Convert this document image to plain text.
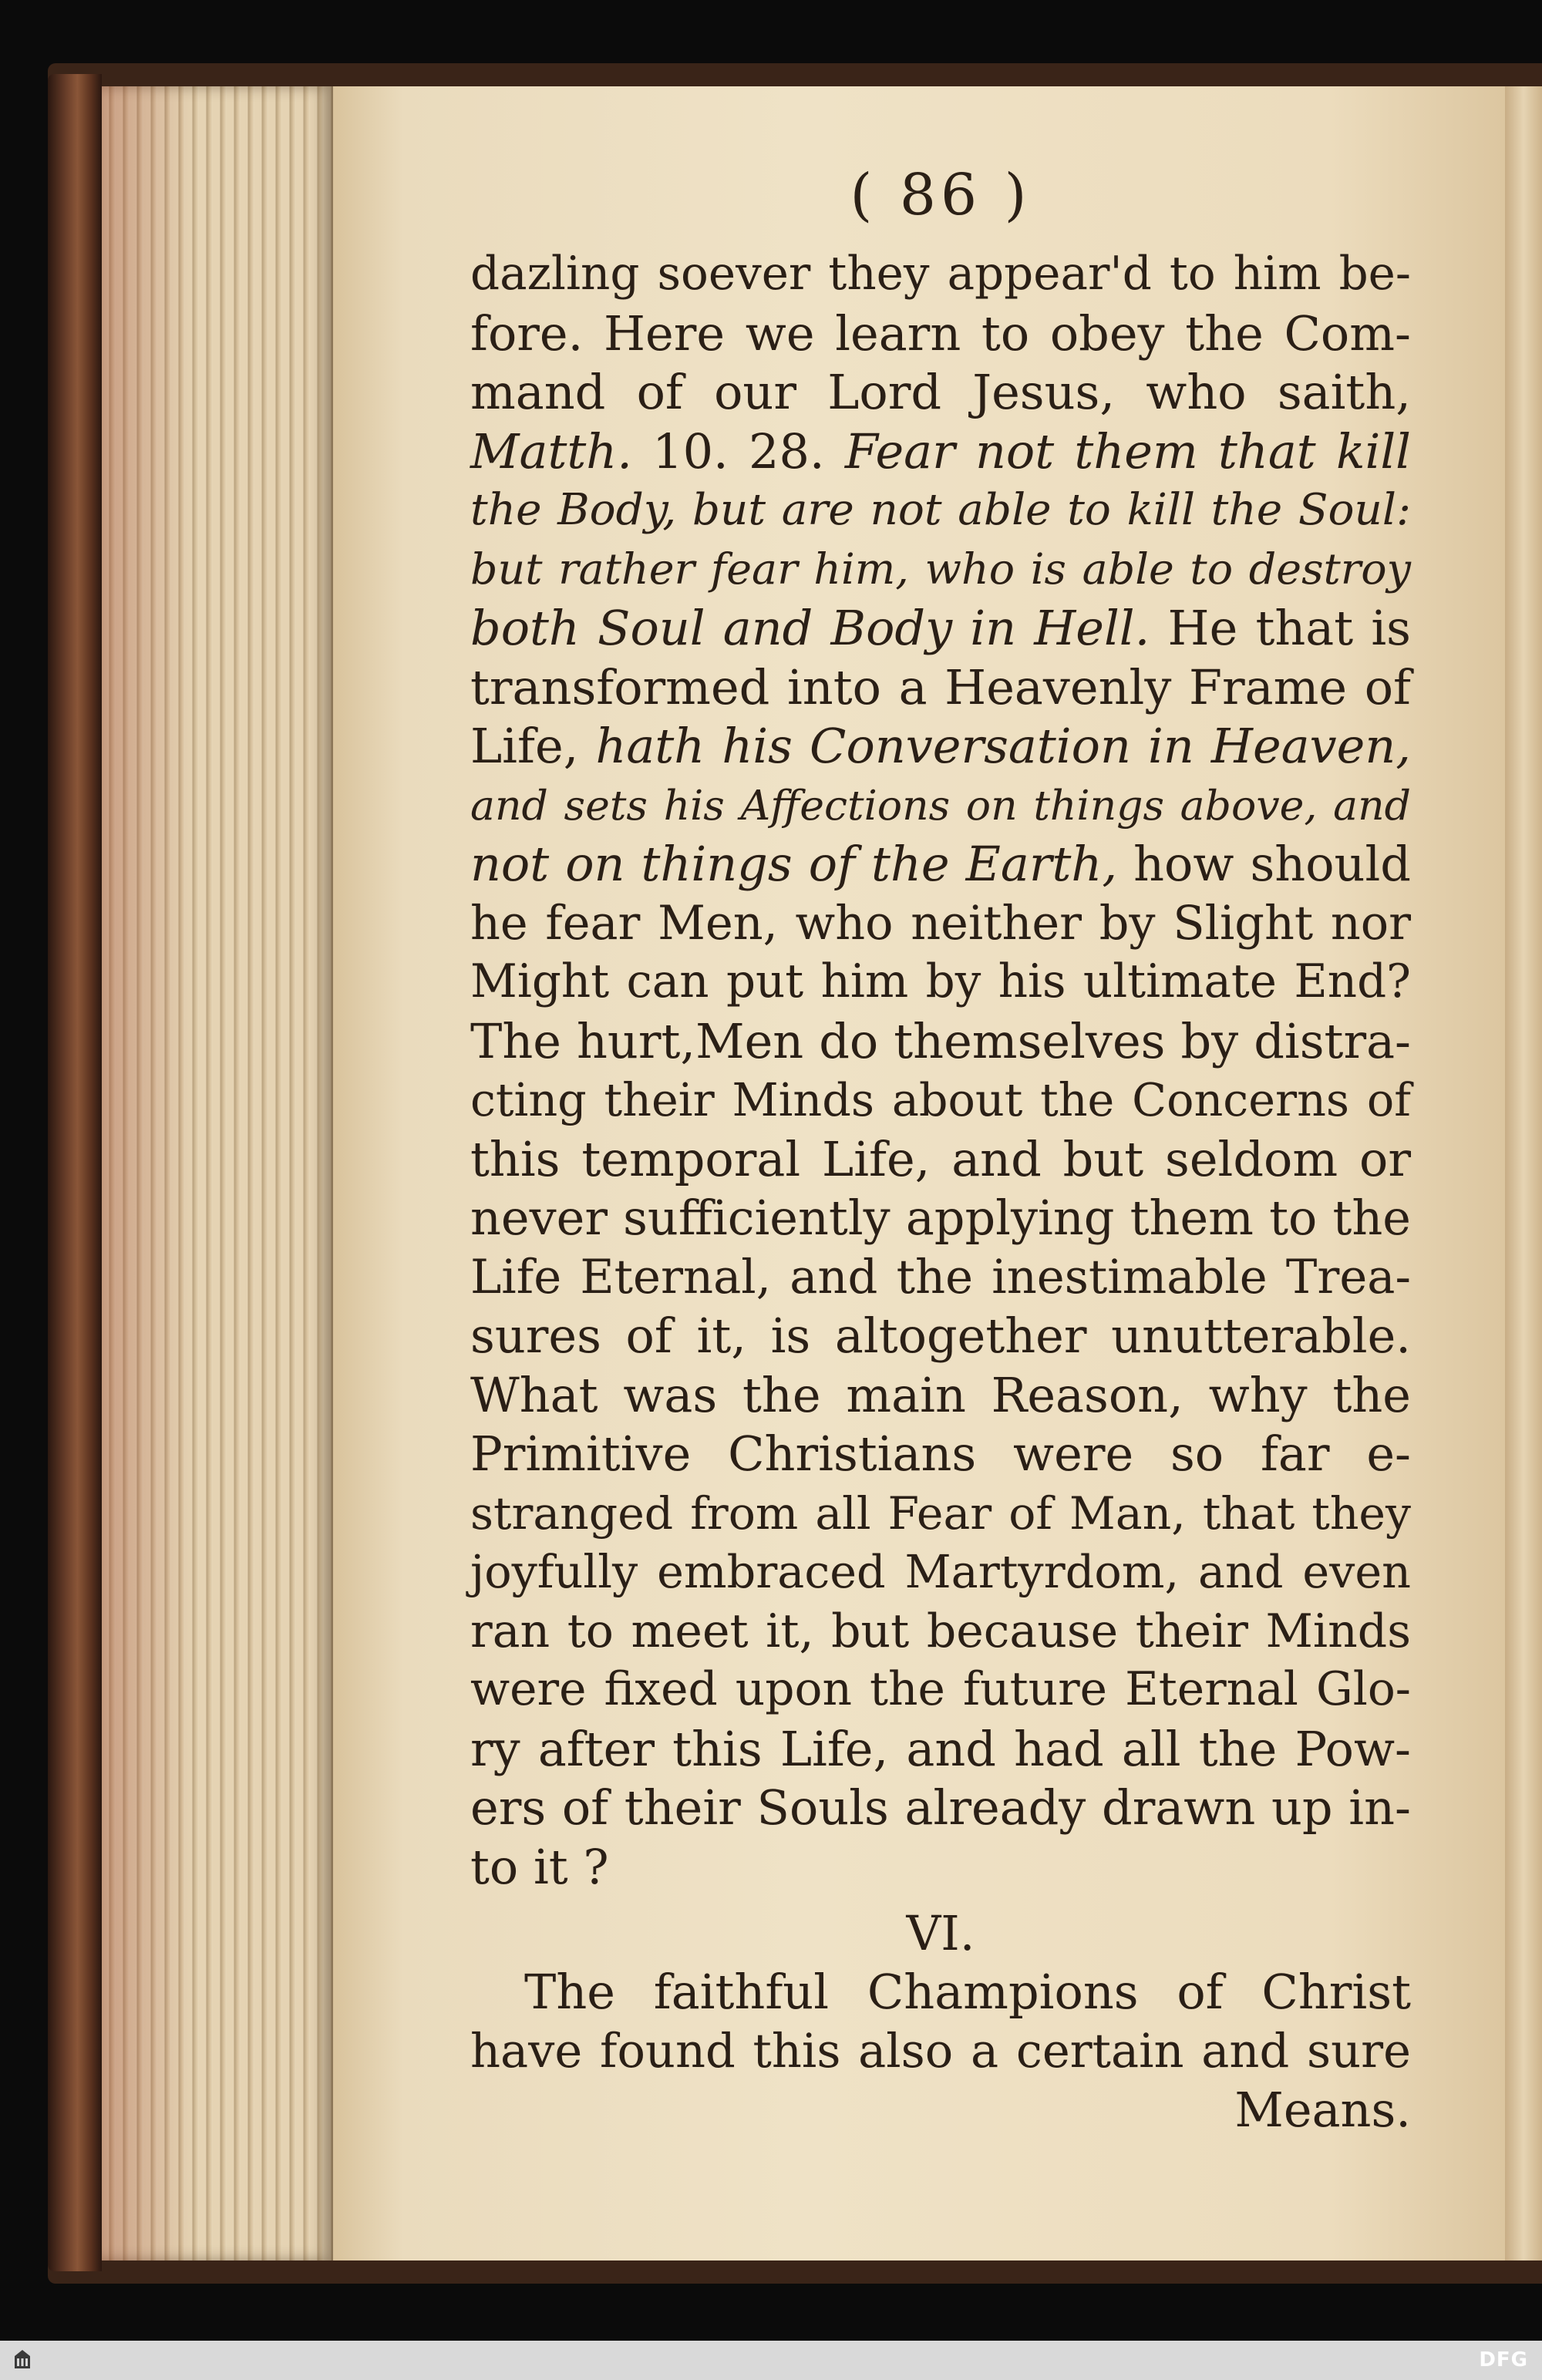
( 86 )
dazling soever they appear'd to him be-
fore. Here we learn to obey the Com-
mand of our Lord Jesus, who saith,
Matth. 10. 28. Fear not them that kill
the Body, but are not able to kill the Soul:
but rather fear him, who is able to destroy
both Soul and Body in Hell. He that is
transformed into a Heavenly Frame of
Life, hath his Conversation in Heaven,
and sets his Affections on things above, and
not on things of the Earth, how should
he fear Men, who neither by Slight nor
Might can put him by his ultimate End?
The hurt,Men do themselves by distra-
cting their Minds about the Concerns of
this temporal Life, and but seldom or
never sufficiently applying them to the
Life Eternal, and the inestimable Trea-
sures of it, is altogether unutterable.
What was the main Reason, why the
Primitive Christians were so far e-
stranged from all Fear of Man, that they
joyfully embraced Martyrdom, and even
ran to meet it, but because their Minds
were fixed upon the future Eternal Glo-
ry after this Life, and had all the Pow-
ers of their Souls already drawn up in-
to it ?
VI.
The faithful Champions of Christ
have found this also a certain and sure
Means.
DFG
